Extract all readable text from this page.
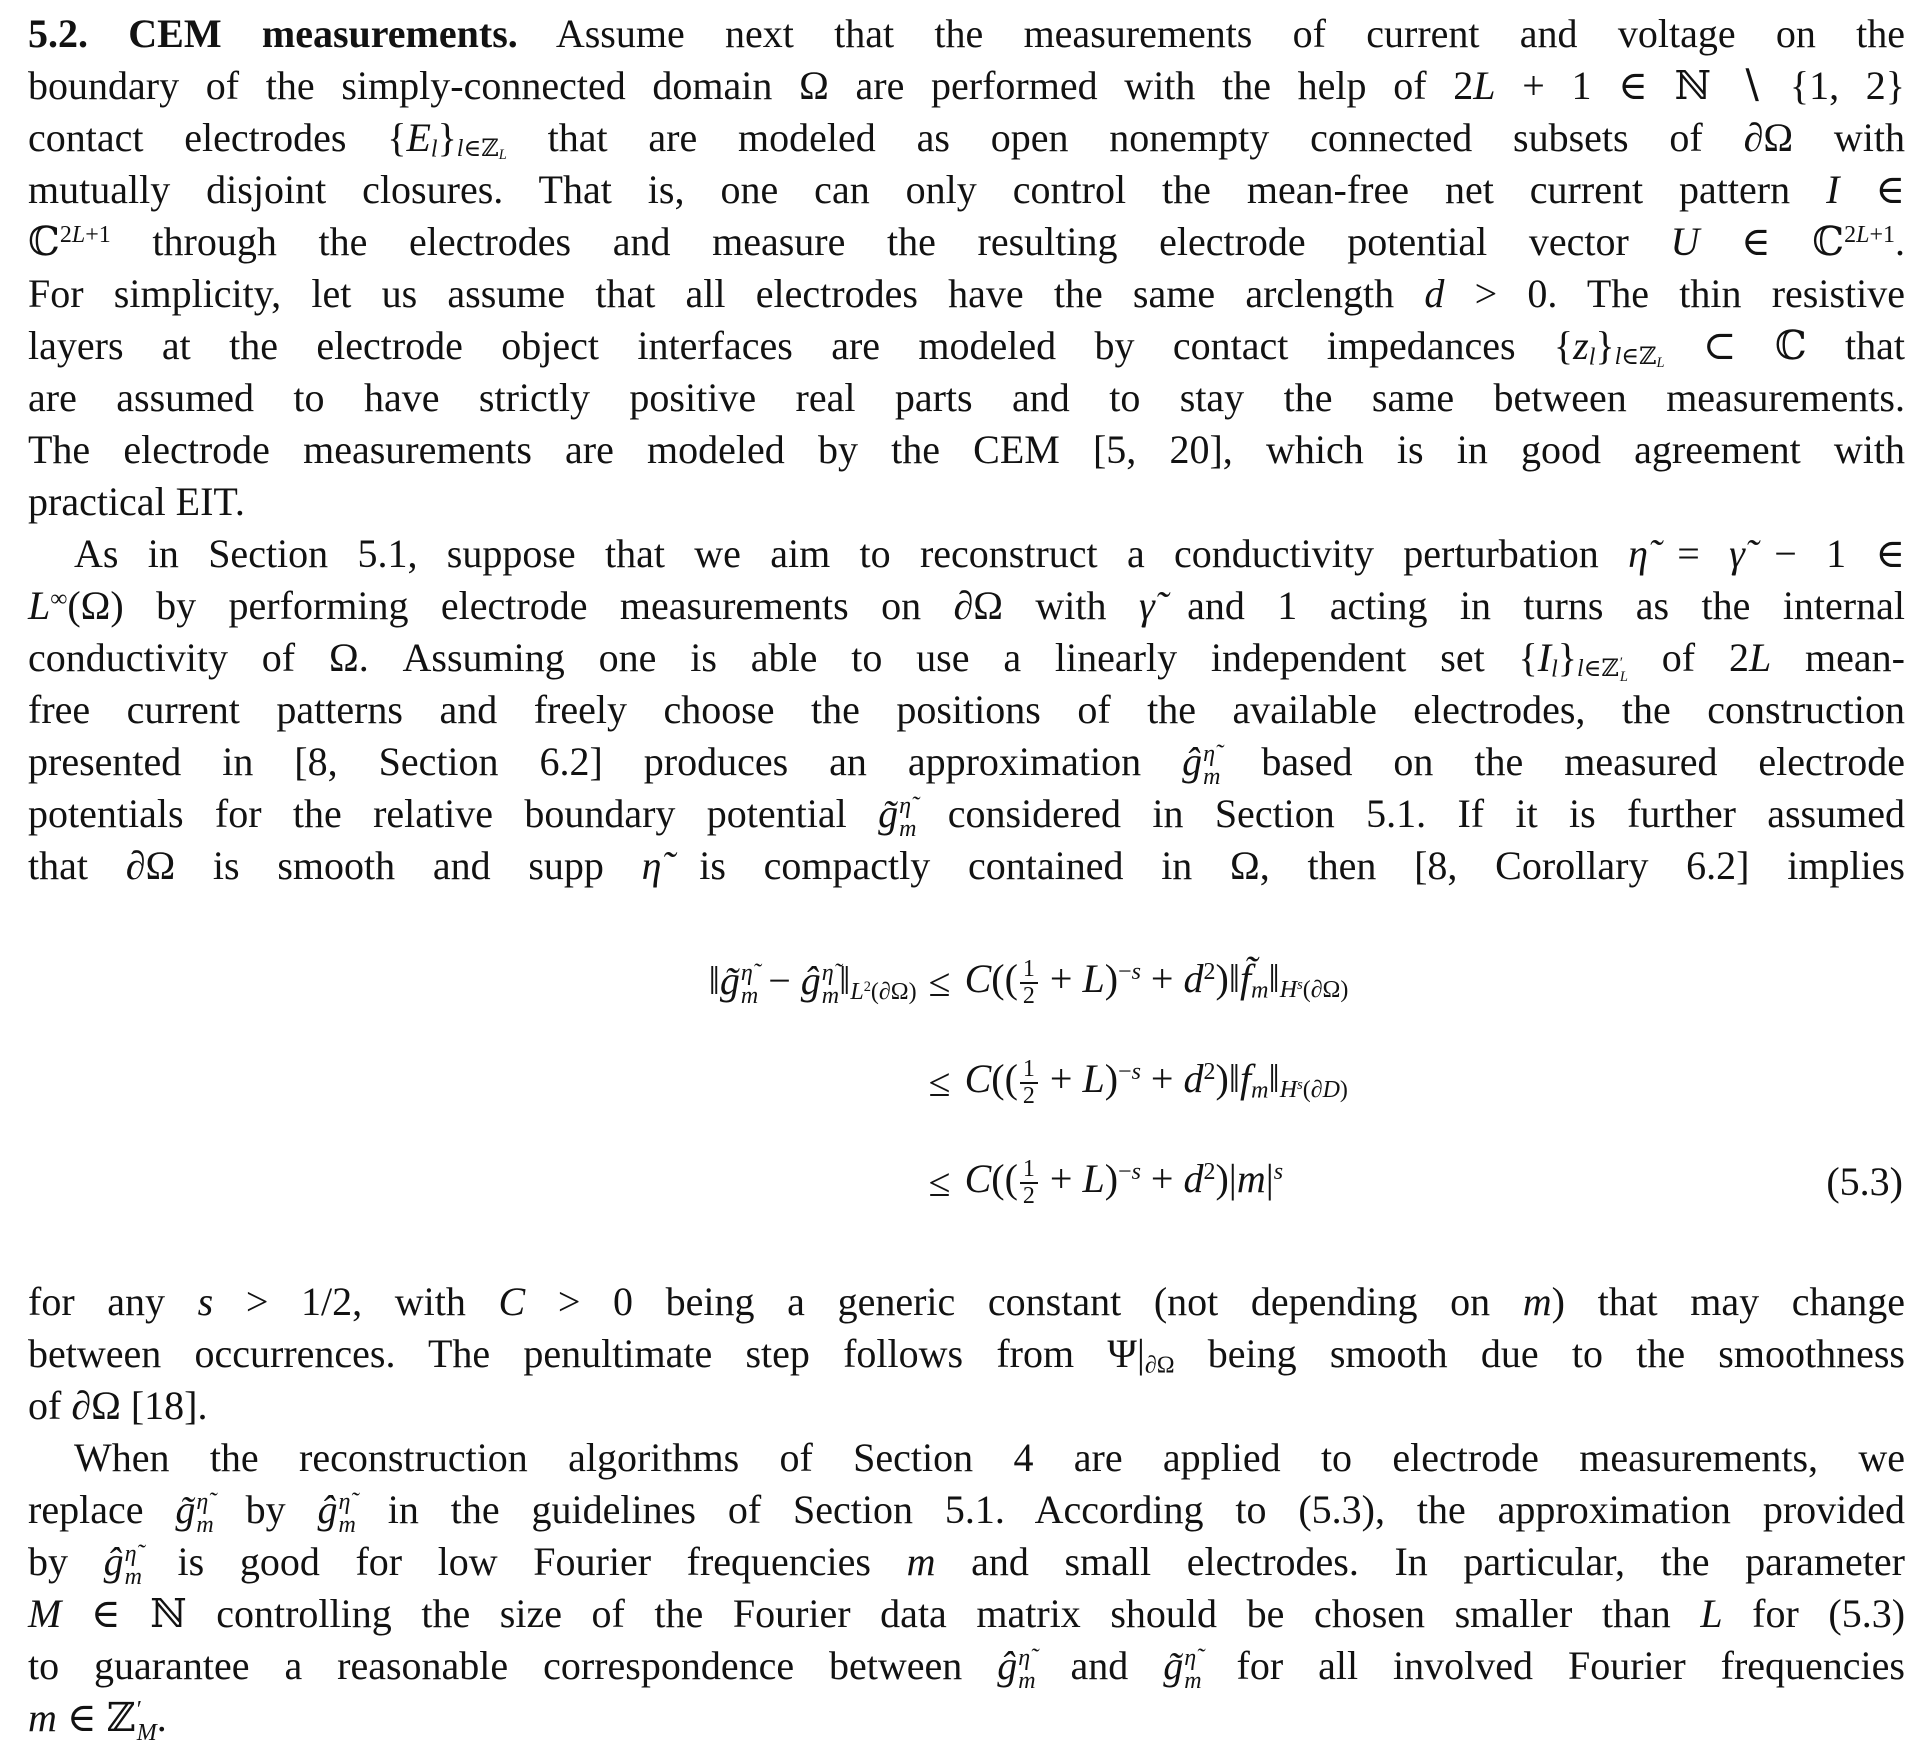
5.2. CEM measurements. Assume next that the measurements of current and voltage on the
boundary of the simply-connected domain Ω are performed with the help of 2L + 1 ∈ ℕ ∖ {1, 2}
contact electrodes $\{E_l\}_{l\in ℤ_L}$ that are modeled as open nonempty connected subsets of ∂Ω with
mutually disjoint closures. That is, one can only control the mean-free net current pattern I ∈
ℂ$^{2L+1}$ through the electrodes and measure the resulting electrode potential vector U ∈ ℂ$^{2L+1}$.
For simplicity, let us assume that all electrodes have the same arclength d > 0. The thin resistive
layers at the electrode object interfaces are modeled by contact impedances $\{z_l\}_{l\in ℤ_L}$ ⊂ ℂ that
are assumed to have strictly positive real parts and to stay the same between measurements.
The electrode measurements are modeled by the CEM [5, 20], which is in good agreement with
practical EIT.
As in Section 5.1, suppose that we aim to reconstruct a conductivity perturbation η̃ = γ̃ − 1 ∈
L∞(Ω) by performing electrode measurements on ∂Ω with γ̃ and 1 acting in turns as the internal
conductivity of Ω. Assuming one is able to use a linearly independent set $\{I_l\}_{l\in ℤ ' L}$ of 2L mean-
free current patterns and freely choose the positions of the available electrodes, the construction
presented in [8, Section 6.2] produces an approximation ĝ η̃
m based on the measured electrode
potentials for the relative boundary potential g̃ η̃
m considered in Section 5.1. If it is further assumed
that ∂Ω is smooth and supp η̃ is compactly contained in Ω, then [8, Corollary 6.2] implies
‖g̃ η̃
m − ĝ η̃
m $‖_{L^2(\partial\Omega)} \le C(( \frac{1}{2} + L)^{-s}$ + $d^2)‖f̃_m‖_{H^s(\partial\Omega)}$
≤ $C(( \frac{1}{2} + L)^{-s}$ + $d^2)‖f_m‖_{H^s(\partial D)}$
≤ $C(( \frac{1}{2} + L)^{-s} + d^2)|m|^s$	(5.3)
for any s > 1/2, with C > 0 being a generic constant (not depending on m) that may change
between occurrences. The penultimate step follows from $\Psi|_{\partial\Omega}$ being smooth due to the smoothness
of ∂Ω [18].
When the reconstruction algorithms of Section 4 are applied to electrode measurements, we
replace g̃ η̃
m by ĝ η̃
m in the guidelines of Section 5.1. According to (5.3), the approximation provided
by ĝ η̃
m is good for low Fourier frequencies m and small electrodes. In particular, the parameter
M ∈ ℕ controlling the size of the Fourier data matrix should be chosen smaller than L for (5.3)
to guarantee a reasonable correspondence between ĝ η̃
m and g̃ η̃
m for all involved Fourier frequencies
m ∈ ℤ ′
M .
